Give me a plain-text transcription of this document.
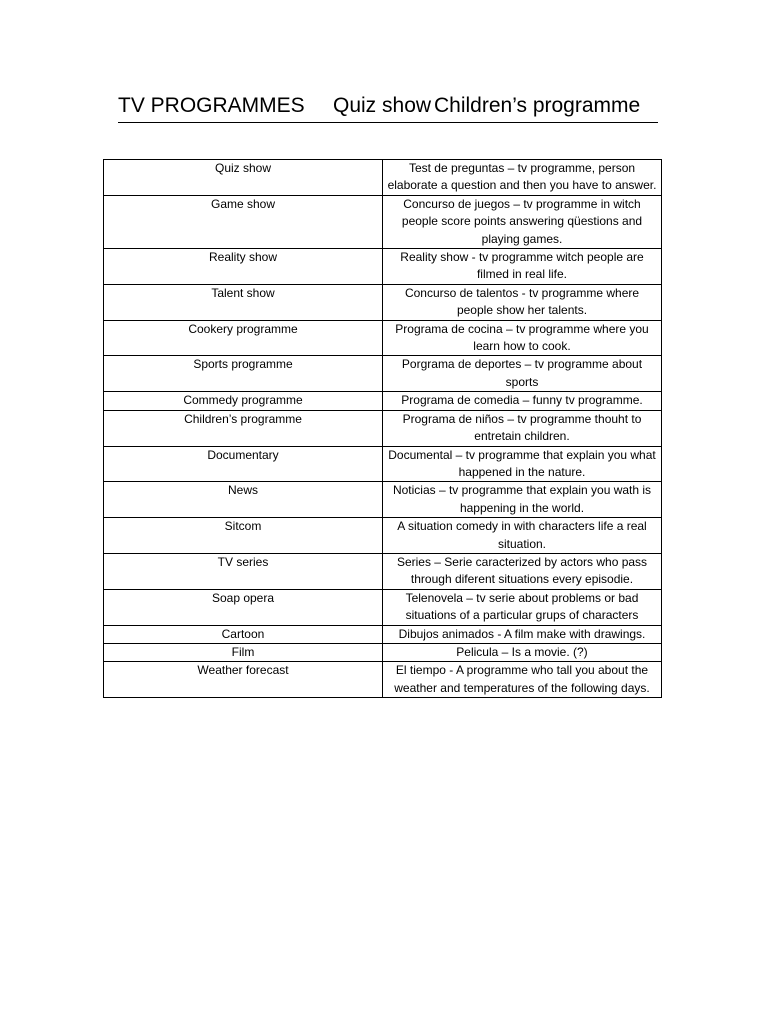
TV PROGRAMMES Quiz show Children’s programme
Quiz show	Test de preguntas – tv programme, person elaborate a question and then you have to answer.
Game show	Concurso de juegos – tv programme in witch people score points answering qüestions and playing games.
Reality show	Reality show - tv programme witch people are filmed in real life.
Talent show	Concurso de talentos - tv programme where people show her talents.
Cookery programme	Programa de cocina – tv programme where you learn how to cook.
Sports programme	Porgrama de deportes – tv programme about sports
Commedy programme	Programa de comedia – funny tv programme.
Children’s programme	Programa de niños – tv programme thouht to entretain children.
Documentary	Documental – tv programme that explain you what happened in the nature.
News	Noticias – tv programme that explain you wath is happening in the world.
Sitcom	A situation comedy in with characters life a real situation.
TV series	Series – Serie caracterized by actors who pass through diferent situations every episodie.
Soap opera	Telenovela – tv serie about problems or bad situations of a particular grups of characters
Cartoon	Dibujos animados - A film make with drawings.
Film	Pelicula – Is a movie. (?)
Weather forecast	El tiempo - A programme who tall you about the weather and temperatures of the following days.
